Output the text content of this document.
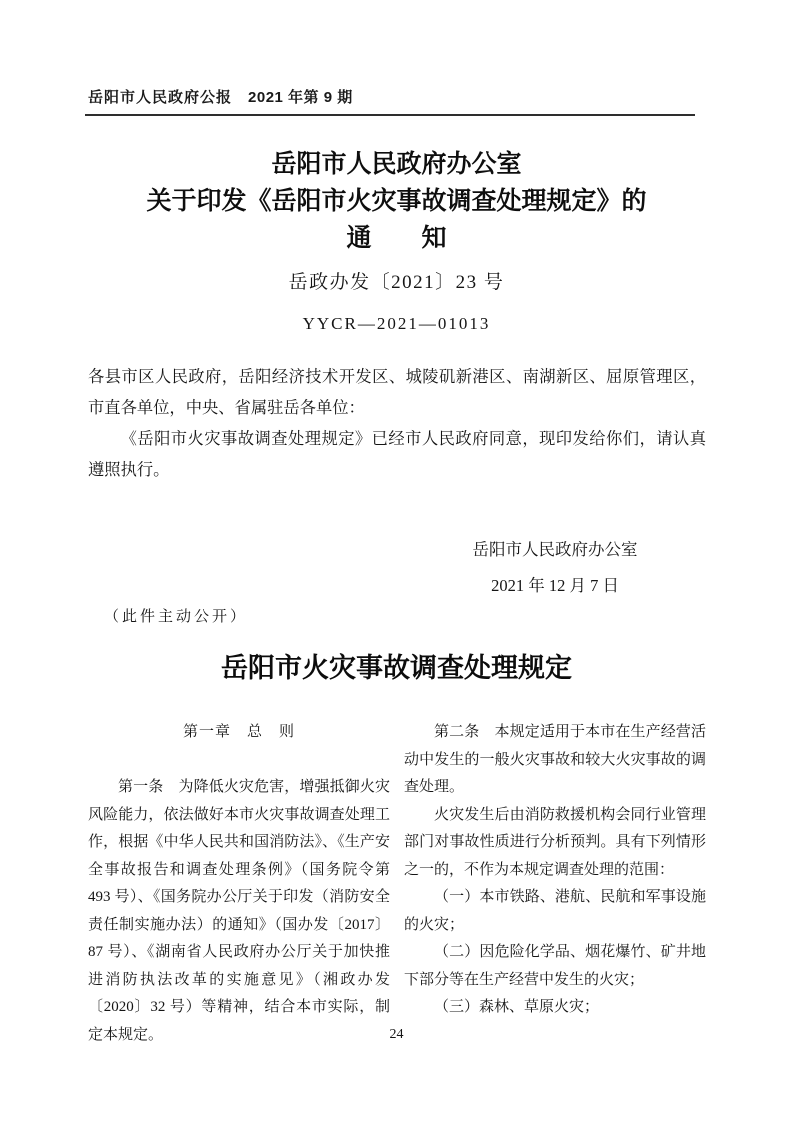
岳阳市人民政府公报 2021 年第 9 期
岳阳市人民政府办公室
关于印发《岳阳市火灾事故调查处理规定》的
通　　知
岳政办发〔2021〕23 号
YYCR—2021—01013

各县市区人民政府，岳阳经济技术开发区、城陵矶新港区、南湖新区、屈原管理区，市直各单位，中央、省属驻岳各单位：

《岳阳市火灾事故调查处理规定》已经市人民政府同意，现印发给你们，请认真遵照执行。

岳阳市人民政府办公室
2021 年 12 月 7 日
（此件主动公开）
岳阳市火灾事故调查处理规定

第一章　总　则

第一条　为降低火灾危害，增强抵御火灾风险能力，依法做好本市火灾事故调查处理工作，根据《中华人民共和国消防法》、《生产安全事故报告和调查处理条例》（国务院令第 493 号）、《国务院办公厅关于印发（消防安全责任制实施办法）的通知》（国办发〔2017〕87 号）、《湖南省人民政府办公厅关于加快推进消防执法改革的实施意见》（湘政办发〔2020〕32 号）等精神，结合本市实际，制定本规定。

第二条　本规定适用于本市在生产经营活动中发生的一般火灾事故和较大火灾事故的调查处理。

火灾发生后由消防救援机构会同行业管理部门对事故性质进行分析预判。具有下列情形之一的，不作为本规定调查处理的范围：

（一）本市铁路、港航、民航和军事设施的火灾；

（二）因危险化学品、烟花爆竹、矿井地下部分等在生产经营中发生的火灾；

（三）森林、草原火灾；

24
